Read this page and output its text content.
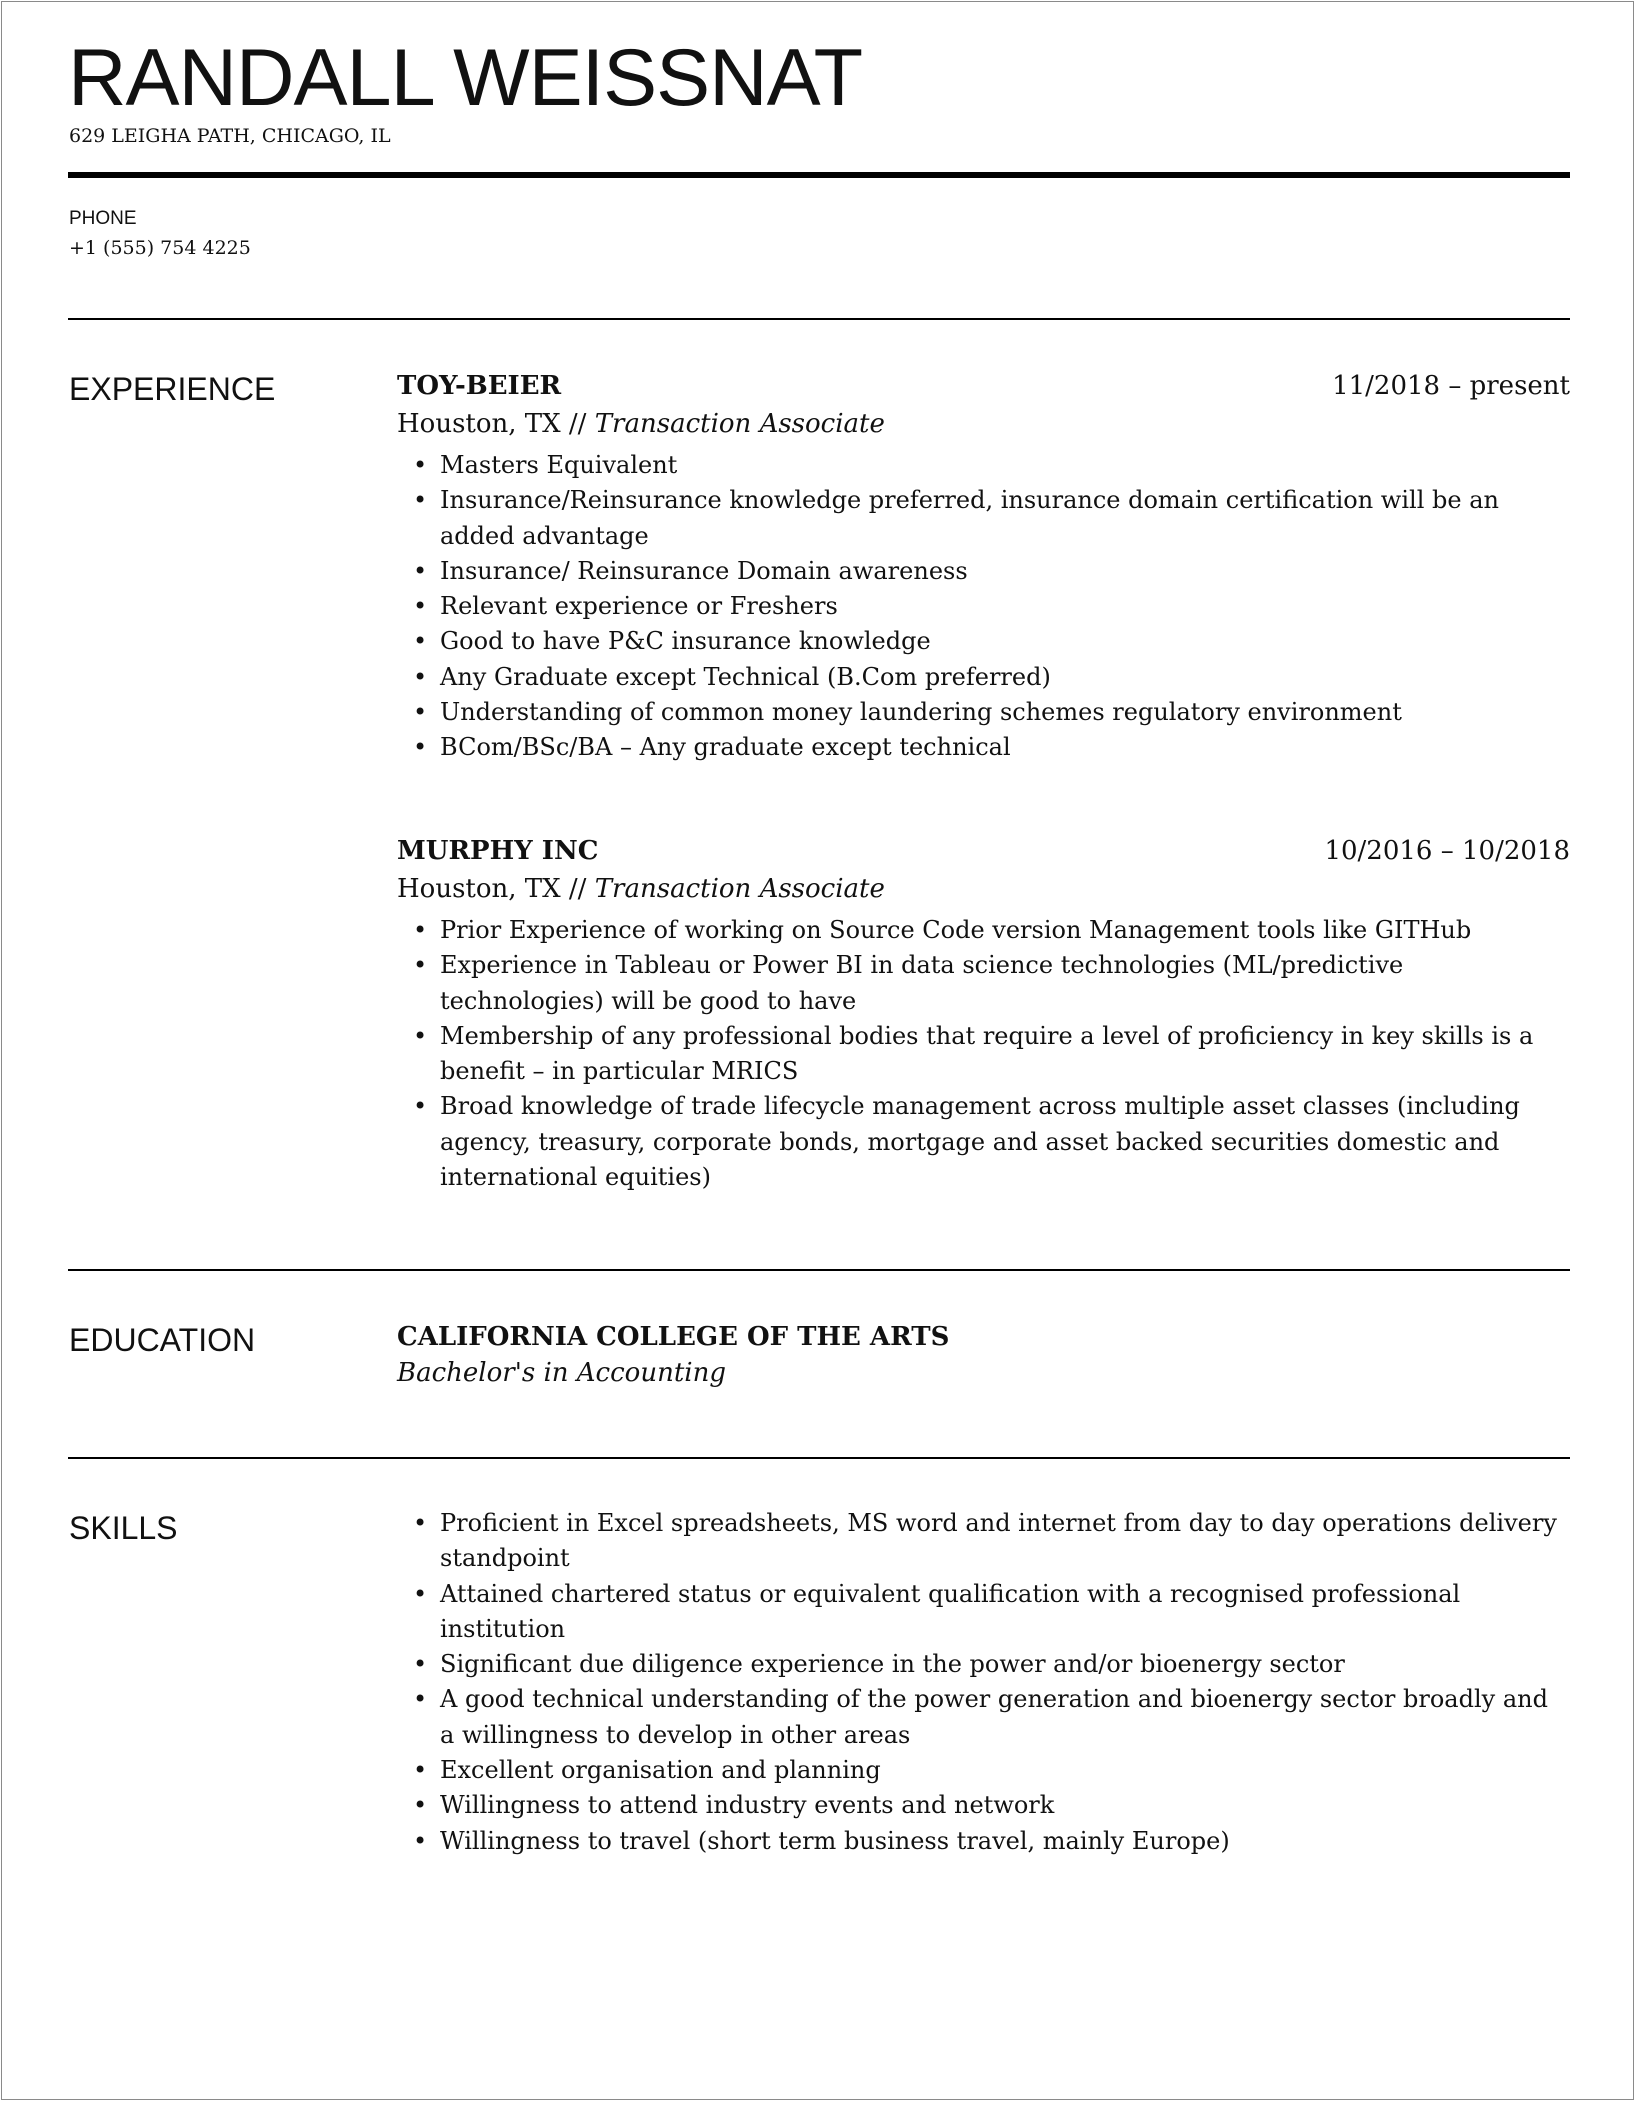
RANDALL WEISSNAT
629 LEIGHA PATH, CHICAGO, IL
PHONE
+1 (555) 754 4225
EXPERIENCE	TOY-BEIER	11/2018 – present
Houston, TX // Transaction Associate
• Masters Equivalent
• Insurance/Reinsurance knowledge preferred, insurance domain certification will be an added advantage
• Insurance/ Reinsurance Domain awareness
• Relevant experience or Freshers
• Good to have P&C insurance knowledge
• Any Graduate except Technical (B.Com preferred)
• Understanding of common money laundering schemes regulatory environment
• BCom/BSc/BA – Any graduate except technical
MURPHY INC	10/2016 – 10/2018
Houston, TX // Transaction Associate
• Prior Experience of working on Source Code version Management tools like GITHub
• Experience in Tableau or Power BI in data science technologies (ML/predictive technologies) will be good to have
• Membership of any professional bodies that require a level of proficiency in key skills is a benefit – in particular MRICS
• Broad knowledge of trade lifecycle management across multiple asset classes (including agency, treasury, corporate bonds, mortgage and asset backed securities domestic and international equities)
EDUCATION	CALIFORNIA COLLEGE OF THE ARTS
Bachelor's in Accounting
SKILLS
•	Proficient in Excel spreadsheets, MS word and internet from day to day operations delivery standpoint
• Attained chartered status or equivalent qualification with a recognised professional institution
• Significant due diligence experience in the power and/or bioenergy sector
• A good technical understanding of the power generation and bioenergy sector broadly and a willingness to develop in other areas
• Excellent organisation and planning
• Willingness to attend industry events and network
• Willingness to travel (short term business travel, mainly Europe)
